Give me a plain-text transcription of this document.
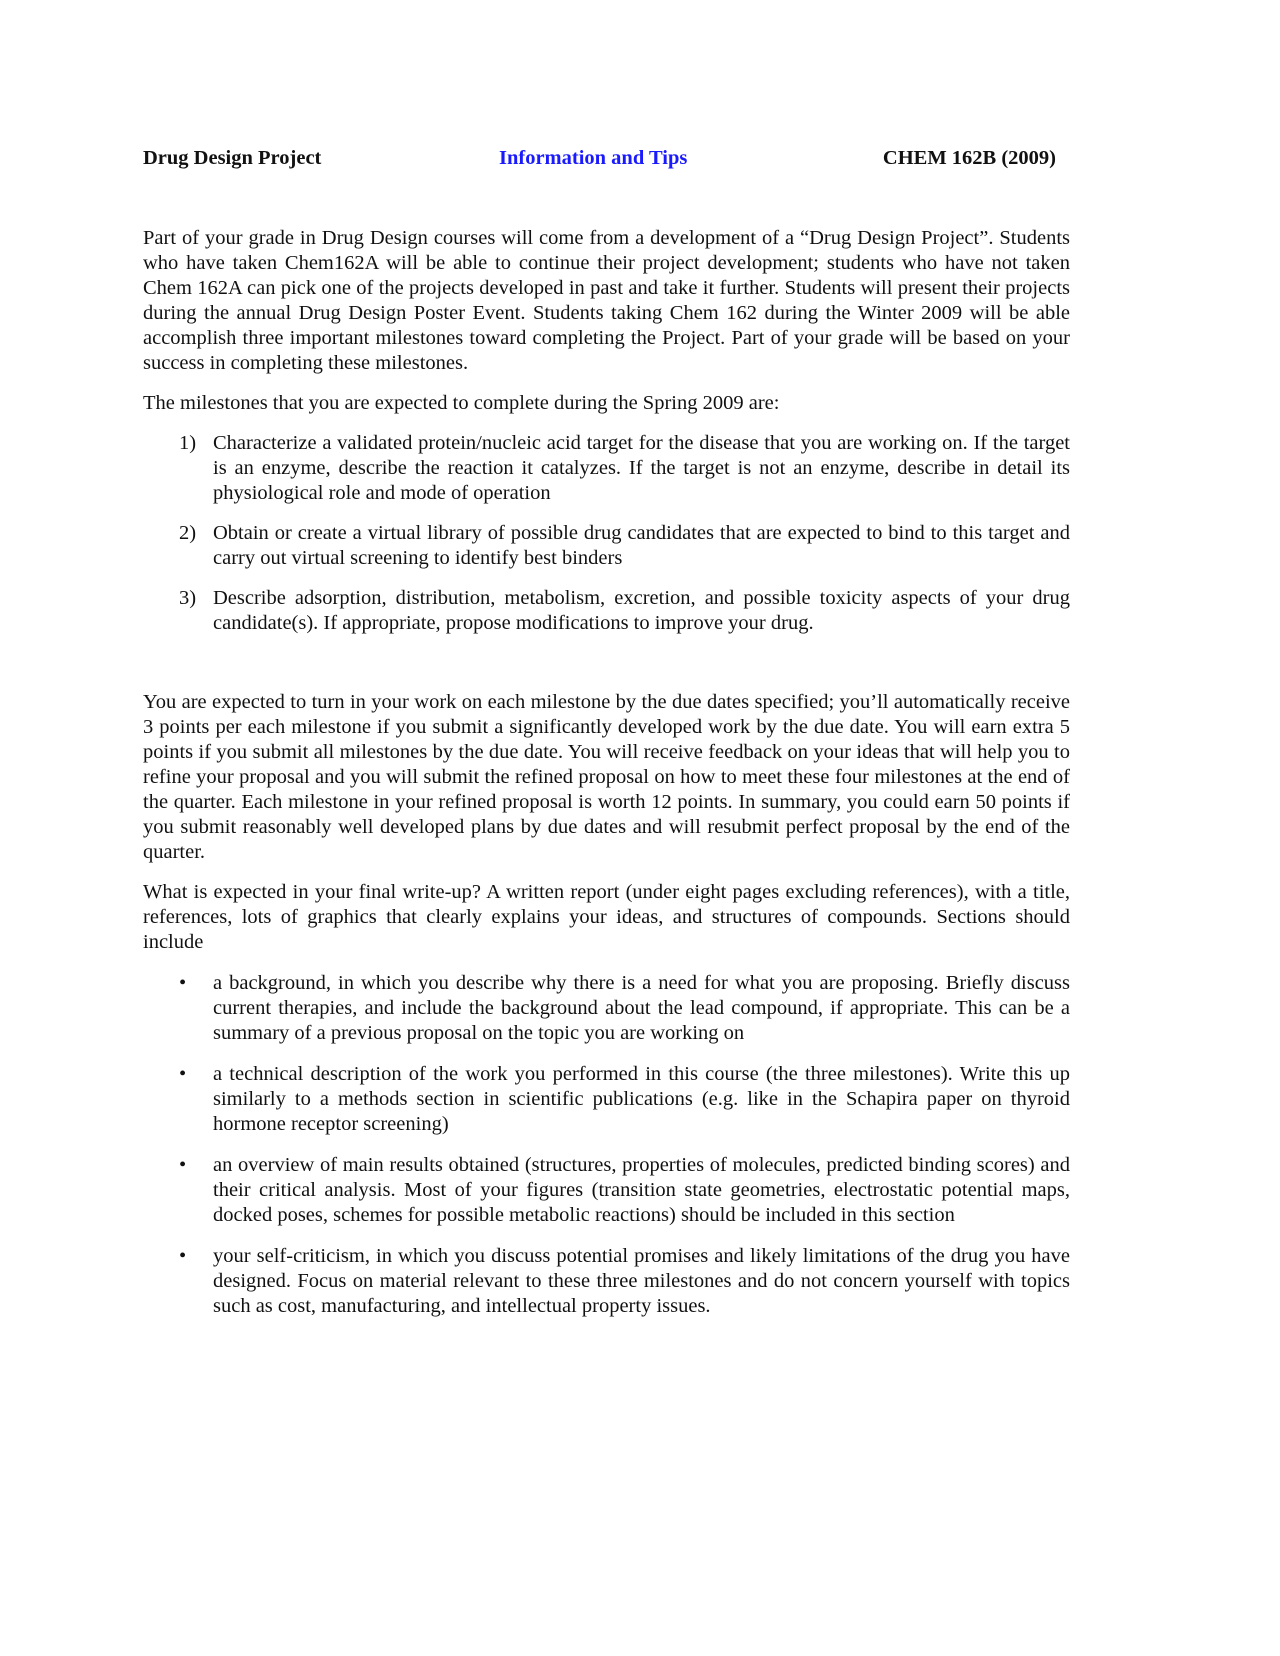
Drug Design Project	Information and Tips	CHEM 162B (2009)

Part of your grade in Drug Design courses will come from a development of a “Drug Design Project”. Students who have taken Chem162A will be able to continue their project development; students who have not taken Chem 162A can pick one of the projects developed in past and take it further. Students will present their projects during the annual Drug Design Poster Event. Students taking Chem 162 during the Winter 2009 will be able accomplish three important milestones toward completing the Project. Part of your grade will be based on your success in completing these milestones.

The milestones that you are expected to complete during the Spring 2009 are:

1) Characterize a validated protein/nucleic acid target for the disease that you are working on. If the target is an enzyme, describe the reaction it catalyzes. If the target is not an enzyme, describe in detail its physiological role and mode of operation
2) Obtain or create a virtual library of possible drug candidates that are expected to bind to this target and carry out virtual screening to identify best binders
3) Describe adsorption, distribution, metabolism, excretion, and possible toxicity aspects of your drug candidate(s). If appropriate, propose modifications to improve your drug.

You are expected to turn in your work on each milestone by the due dates specified; you’ll automatically receive 3 points per each milestone if you submit a significantly developed work by the due date. You will earn extra 5 points if you submit all milestones by the due date. You will receive feedback on your ideas that will help you to refine your proposal and you will submit the refined proposal on how to meet these four milestones at the end of the quarter. Each milestone in your refined proposal is worth 12 points. In summary, you could earn 50 points if you submit reasonably well developed plans by due dates and will resubmit perfect proposal by the end of the quarter.

What is expected in your final write-up? A written report (under eight pages excluding references), with a title, references, lots of graphics that clearly explains your ideas, and structures of compounds. Sections should include

• a background, in which you describe why there is a need for what you are proposing. Briefly discuss current therapies, and include the background about the lead compound, if appropriate. This can be a summary of a previous proposal on the topic you are working on
• a technical description of the work you performed in this course (the three milestones). Write this up similarly to a methods section in scientific publications (e.g. like in the Schapira paper on thyroid hormone receptor screening)
• an overview of main results obtained (structures, properties of molecules, predicted binding scores) and their critical analysis. Most of your figures (transition state geometries, electrostatic potential maps, docked poses, schemes for possible metabolic reactions) should be included in this section
• your self-criticism, in which you discuss potential promises and likely limitations of the drug you have designed. Focus on material relevant to these three milestones and do not concern yourself with topics such as cost, manufacturing, and intellectual property issues.
